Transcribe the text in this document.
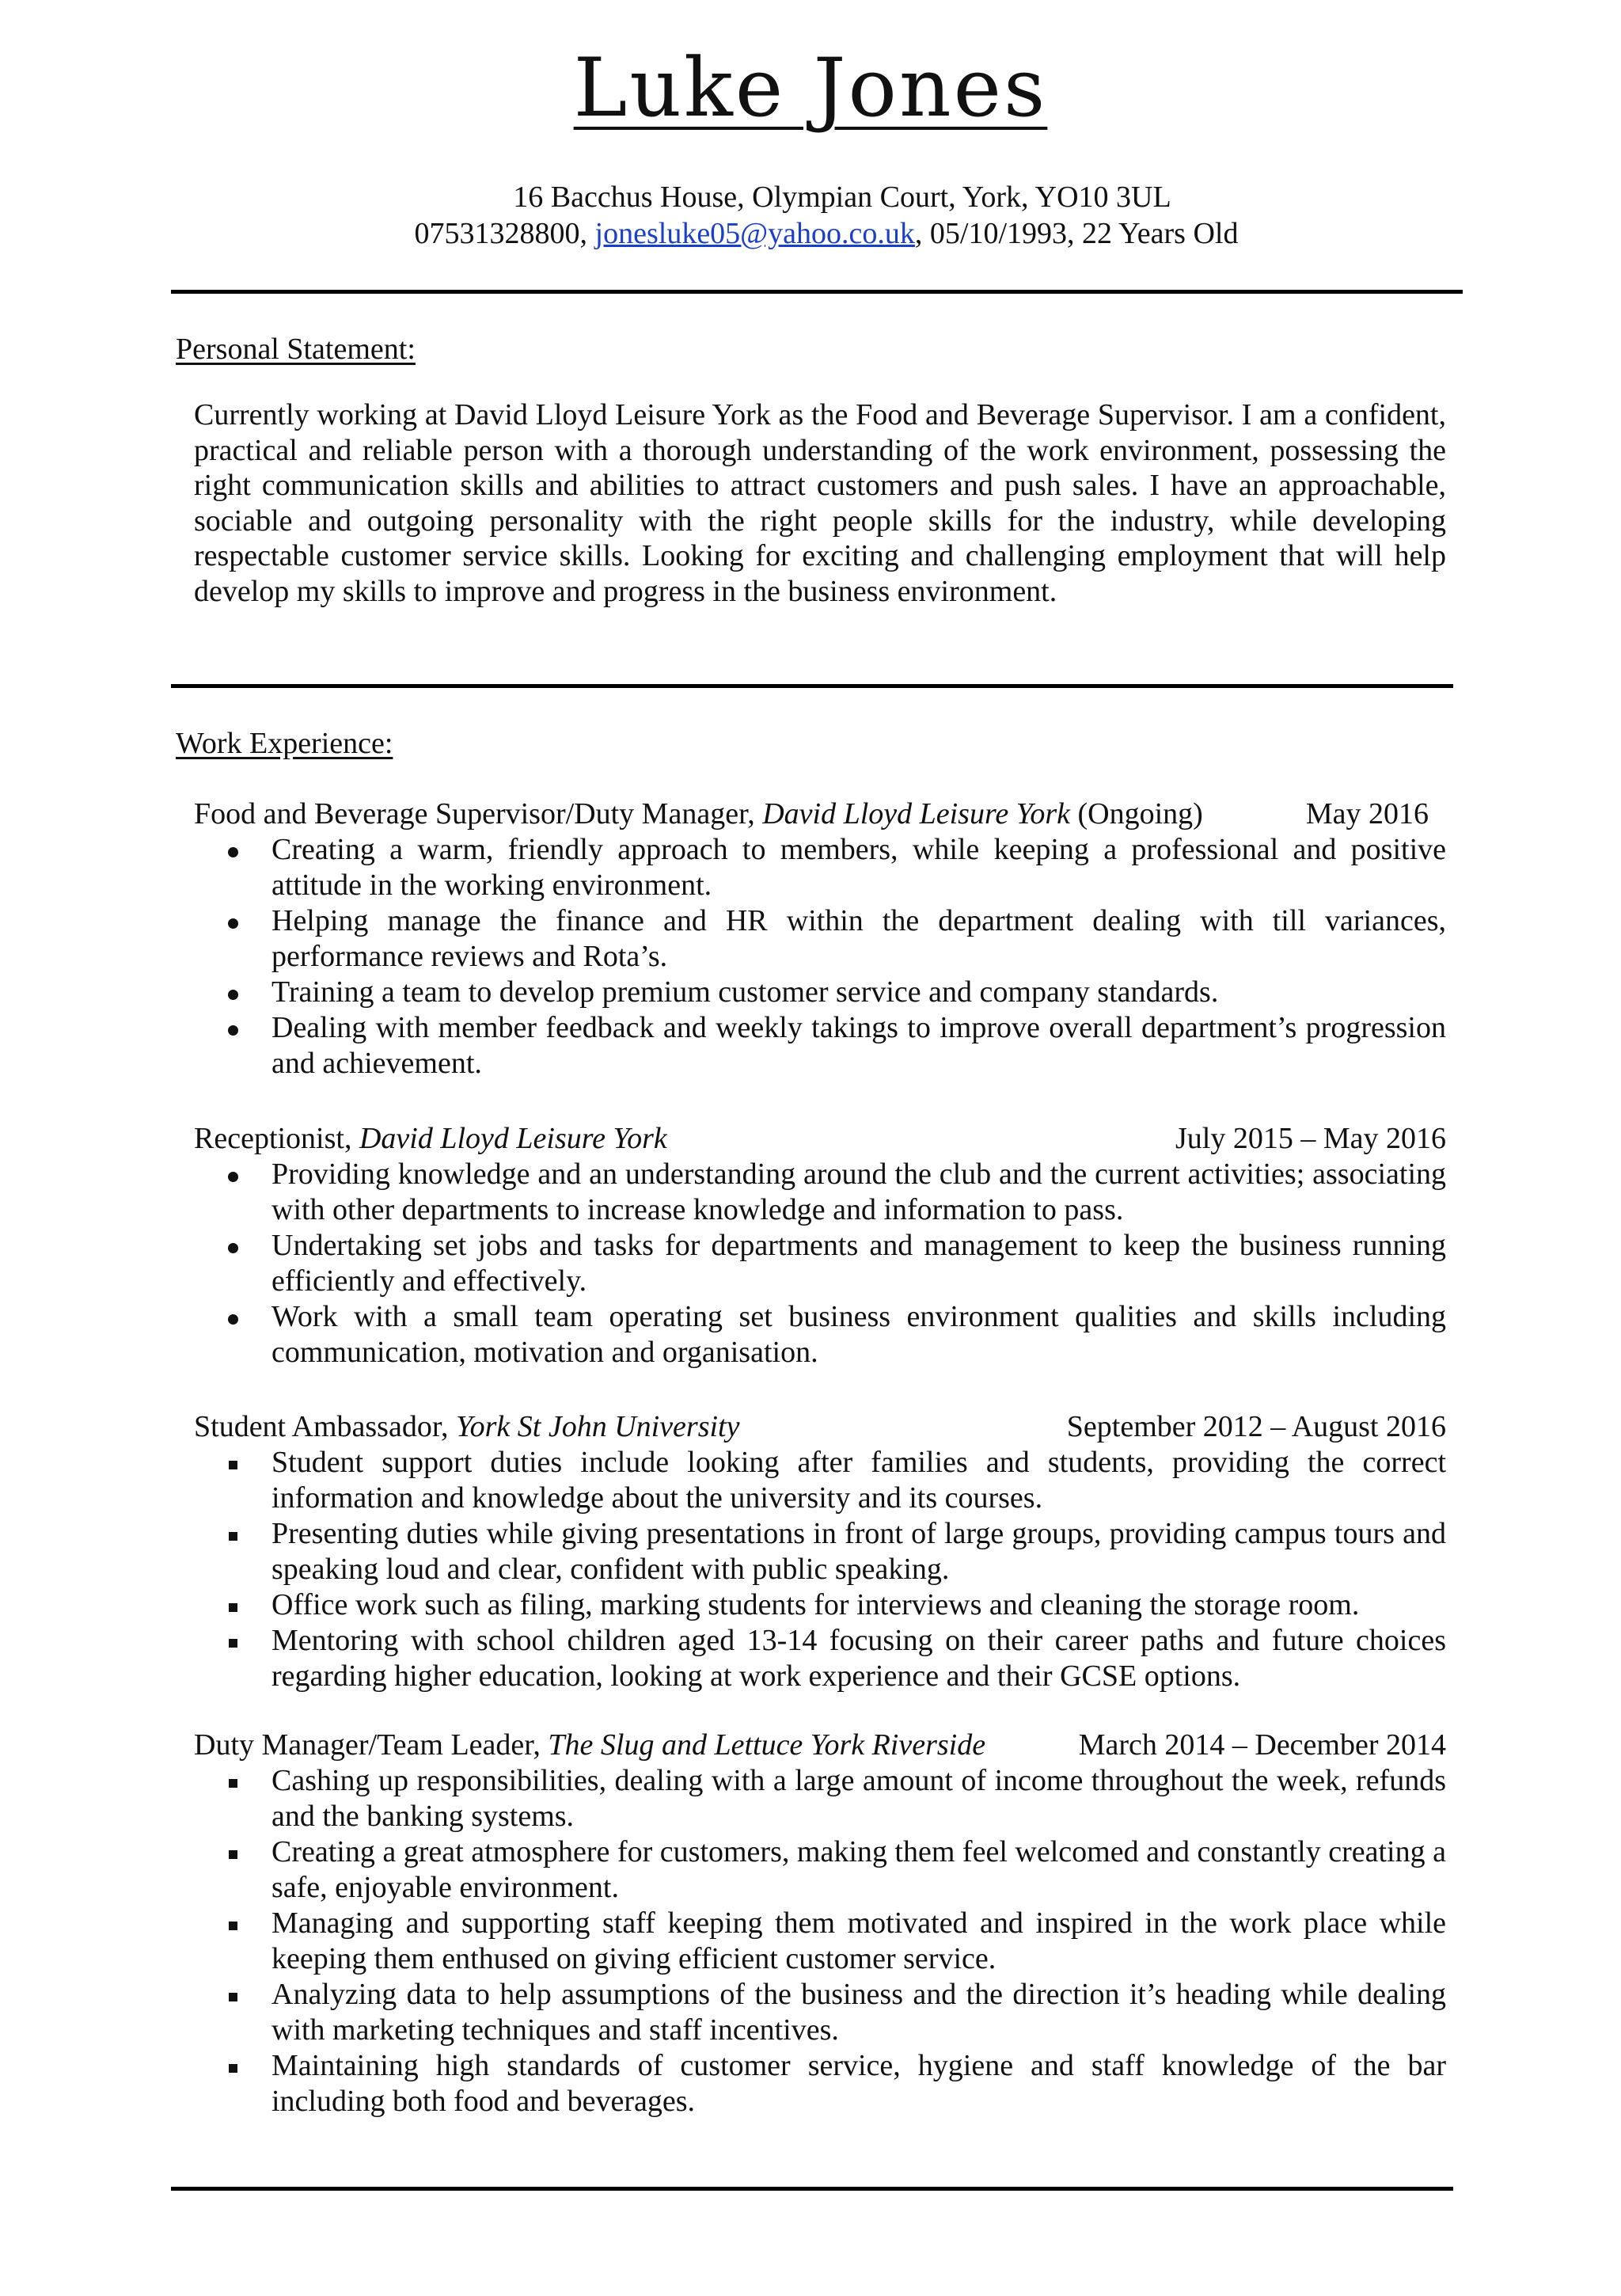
Luke Jones
16 Bacchus House, Olympian Court, York, YO10 3UL
07531328800, jonesluke05@yahoo.co.uk, 05/10/1993, 22 Years Old
Personal Statement:

Currently working at David Lloyd Leisure York as the Food and Beverage Supervisor. I am a confident, practical and reliable person with a thorough understanding of the work environment, possessing the right communication skills and abilities to attract customers and push sales. I have an approachable, sociable and outgoing personality with the right people skills for the industry, while developing respectable customer service skills. Looking for exciting and challenging employment that will help develop my skills to improve and progress in the business environment.

Work Experience:
Food and Beverage Supervisor/Duty Manager, David Lloyd Leisure York (Ongoing)	May 2016
Creating a warm, friendly approach to members, while keeping a professional and positive attitude in the working environment.
Helping manage the finance and HR within the department dealing with till variances, performance reviews and Rota’s.
Training a team to develop premium customer service and company standards.
Dealing with member feedback and weekly takings to improve overall department’s progression and achievement.
Receptionist, David Lloyd Leisure York	July 2015 – May 2016
Providing knowledge and an understanding around the club and the current activities; associating with other departments to increase knowledge and information to pass.
Undertaking set jobs and tasks for departments and management to keep the business running efficiently and effectively.
Work with a small team operating set business environment qualities and skills including communication, motivation and organisation.
Student Ambassador, York St John University	September 2012 – August 2016
Student support duties include looking after families and students, providing the correct information and knowledge about the university and its courses.
Presenting duties while giving presentations in front of large groups, providing campus tours and speaking loud and clear, confident with public speaking.
Office work such as filing, marking students for interviews and cleaning the storage room.
Mentoring with school children aged 13-14 focusing on their career paths and future choices regarding higher education, looking at work experience and their GCSE options.
Duty Manager/Team Leader, The Slug and Lettuce York Riverside	March 2014 – December 2014
Cashing up responsibilities, dealing with a large amount of income throughout the week, refunds and the banking systems.
Creating a great atmosphere for customers, making them feel welcomed and constantly creating a safe, enjoyable environment.
Managing and supporting staff keeping them motivated and inspired in the work place while keeping them enthused on giving efficient customer service.
Analyzing data to help assumptions of the business and the direction it’s heading while dealing with marketing techniques and staff incentives.
Maintaining high standards of customer service, hygiene and staff knowledge of the bar including both food and beverages.
